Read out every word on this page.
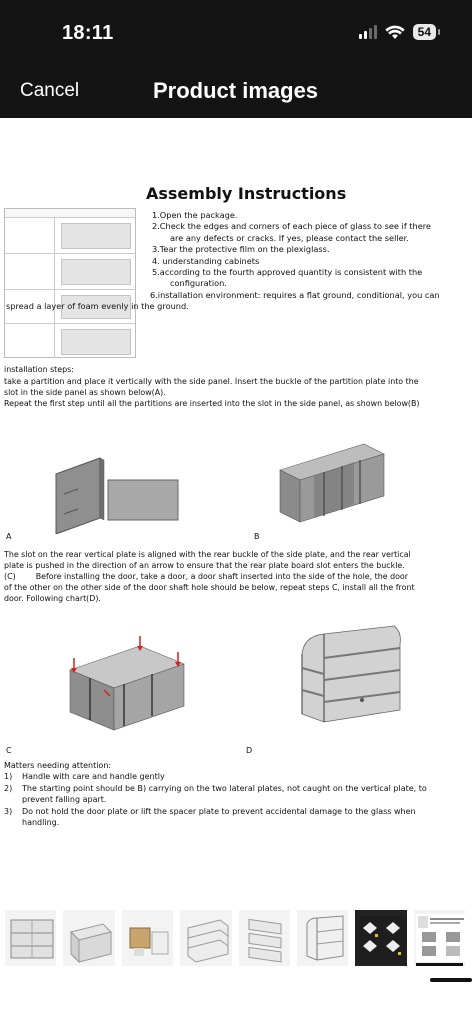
18:11	54
Cancel	Product images
Assembly Instructions
1.Open the package.
2.Check the edges and corners of each piece of glass to see if there
are any defects or cracks. If yes, please contact the seller.
3.Tear the protective film on the plexiglass.
4. understanding cabinets
5.according to the fourth approved quantity is consistent with the
configuration.
6.installation environment: requires a flat ground, conditional, you can
spread a layer of foam evenly in the ground.
installation steps:
take a partition and place it vertically with the side panel. Insert the buckle of the partition plate into the
slot in the side panel as shown below(A).
Repeat the first step until all the partitions are inserted into the slot in the side panel, as shown below(B)
A	B
The slot on the rear vertical plate is aligned with the rear buckle of the side plate, and the rear vertical
plate is pushed in the direction of an arrow to ensure that the rear plate board slot enters the buckle.
(C)        Before installing the door, take a door, a door shaft inserted into the side of the hole, the door
of the other on the other side of the door shaft hole should be below, repeat steps C, install all the front
door. Following chart(D).
C	D
Matters needing attention:
1) Handle with care and handle gently
2) The starting point should be B) carrying on the two lateral plates, not caught on the vertical plate, to
prevent falling apart.
3) Do not hold the door plate or lift the spacer plate to prevent accidental damage to the glass when
handling.
